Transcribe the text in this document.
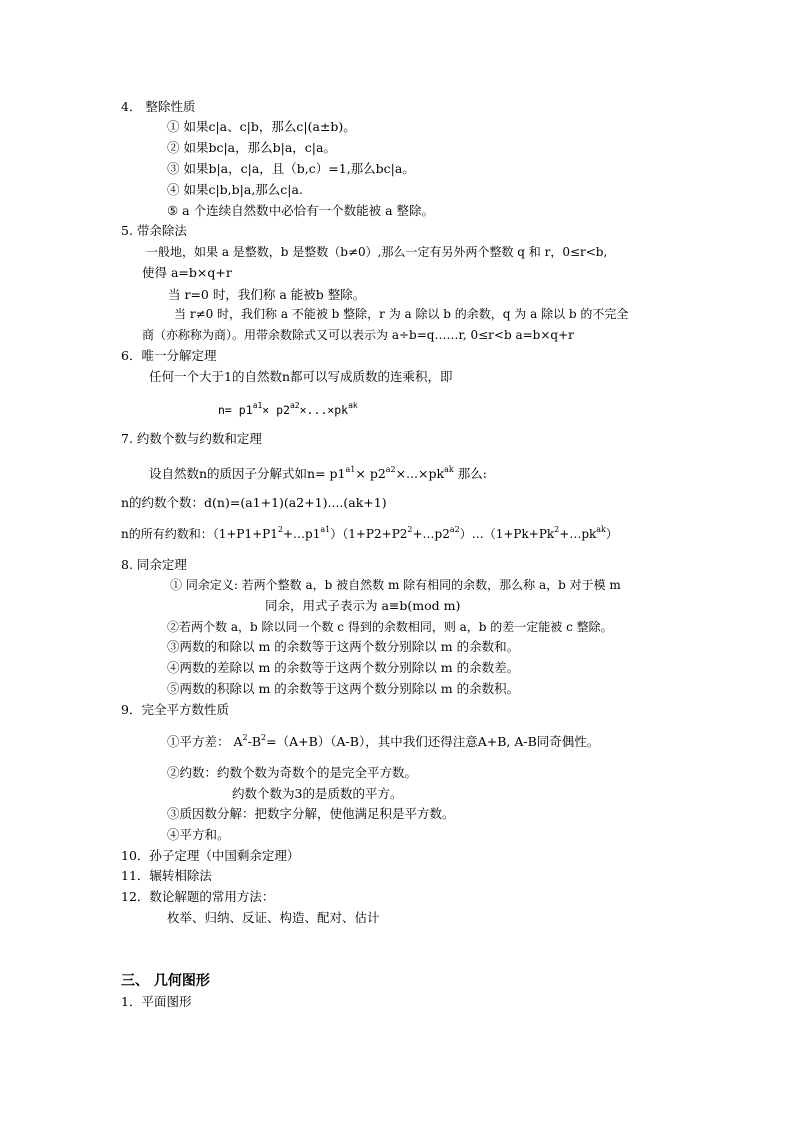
4． 整除性质
① 如果c|a、c|b，那么c|(a±b)。
② 如果bc|a，那么b|a，c|a。
③ 如果b|a，c|a，且（b,c）=1,那么bc|a。
④ 如果c|b,b|a,那么c|a.
⑤ a 个连续自然数中必恰有一个数能被 a 整除。
5. 带余除法
一般地，如果 a 是整数，b 是整数（b≠0）,那么一定有另外两个整数 q 和 r，0≤r<b,
使得 a=b×q+r
当 r=0 时，我们称 a 能被b 整除。
当 r≠0 时，我们称 a 不能被 b 整除，r 为 a 除以 b 的余数，q 为 a 除以 b 的不完全
商（亦称称为商）。用带余数除式又可以表示为 a÷b=q……r, 0≤r<b a=b×q+r
6．唯一分解定理
任何一个大于1的自然数n都可以写成质数的连乘积，即
$n= p1^{a1}\times p2^{a2}\times...\times pk^{ak}$
7. 约数个数与约数和定理
设自然数n的质因子分解式如$n= p1^{a1}\times p2^{a2}\times...\times pk^{ak}$ 那么:
n的约数个数：d(n)=(a1+1)(a2+1)....(ak+1)
n的所有约数和：$(1+P1+P1^2+\dots p1^{a1})(1+P2+P2^2+\dots p2^{a2})\dots(1+Pk+Pk^2+\dots pk^{ak})$
8. 同余定理
① 同余定义: 若两个整数 a，b 被自然数 m 除有相同的余数，那么称 a，b 对于模 m
同余，用式子表示为 a≡b(mod m)
②若两个数 a，b 除以同一个数 c 得到的余数相同，则 a，b 的差一定能被 c 整除。
③两数的和除以 m 的余数等于这两个数分别除以 m 的余数和。
④两数的差除以 m 的余数等于这两个数分别除以 m 的余数差。
⑤两数的积除以 m 的余数等于这两个数分别除以 m 的余数积。
9．完全平方数性质
①平方差： $A^2-B^2=(A+B)(A-B)$，其中我们还得注意A+B, A-B同奇偶性。
②约数：约数个数为奇数个的是完全平方数。
约数个数为3的是质数的平方。
③质因数分解：把数字分解，使他满足积是平方数。
④平方和。
10．孙子定理（中国剩余定理）
11．辗转相除法
12．数论解题的常用方法：
枚举、归纳、反证、构造、配对、估计
三、 几何图形
1．平面图形
